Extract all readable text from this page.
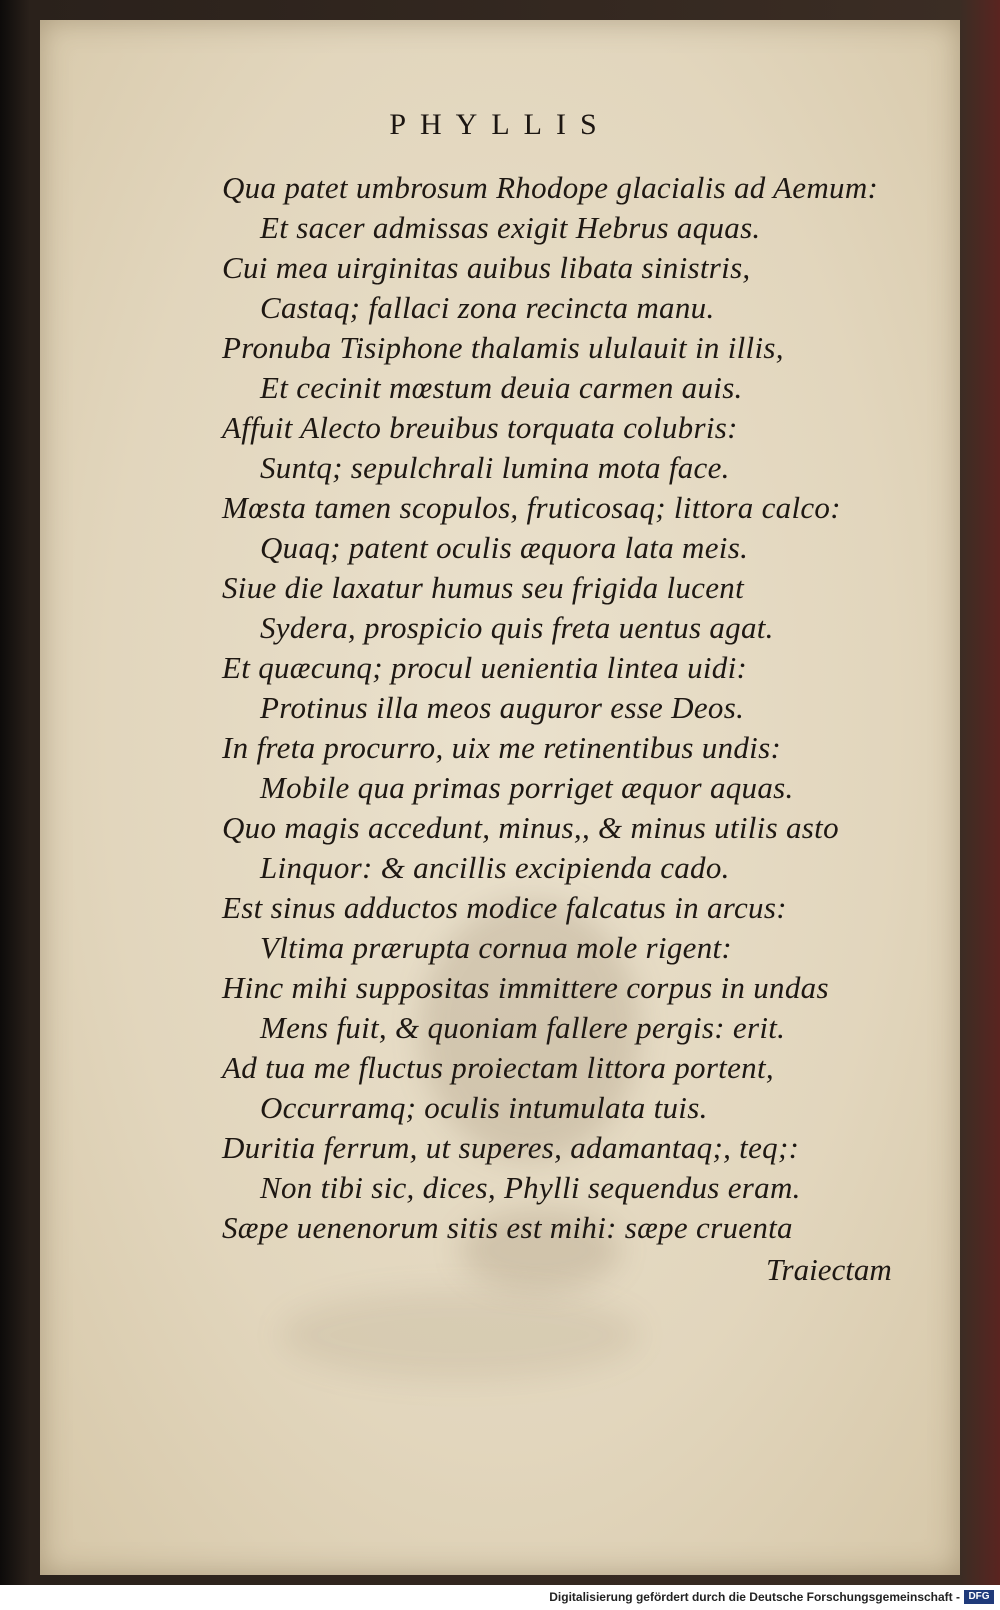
PHYLLIS
Qua patet umbrosum Rhodope glacialis ad Aemum:
Et sacer admissas exigit Hebrus aquas.
Cui mea uirginitas auibus libata sinistris,
Castaq; fallaci zona recincta manu.
Pronuba Tisiphone thalamis ululauit in illis,
Et cecinit mœstum deuia carmen auis.
Affuit Alecto breuibus torquata colubris:
Suntq; sepulchrali lumina mota face.
Mœsta tamen scopulos, fruticosaq; littora calco:
Quaq; patent oculis æquora lata meis.
Siue die laxatur humus seu frigida lucent
Sydera, prospicio quis freta uentus agat.
Et quæcunq; procul uenientia lintea uidi:
Protinus illa meos auguror esse Deos.
In freta procurro, uix me retinentibus undis:
Mobile qua primas porriget æquor aquas.
Quo magis accedunt, minus,, & minus utilis asto
Linquor: & ancillis excipienda cado.
Est sinus adductos modice falcatus in arcus:
Vltima prærupta cornua mole rigent:
Hinc mihi suppositas immittere corpus in undas
Mens fuit, & quoniam fallere pergis: erit.
Ad tua me fluctus proiectam littora portent,
Occurramq; oculis intumulata tuis.
Duritia ferrum, ut superes, adamantaq;, teq;:
Non tibi sic, dices, Phylli sequendus eram.
Sæpe uenenorum sitis est mihi: sæpe cruenta
Traiectam
Digitalisierung gefördert durch die Deutsche Forschungsgemeinschaft - DFG
